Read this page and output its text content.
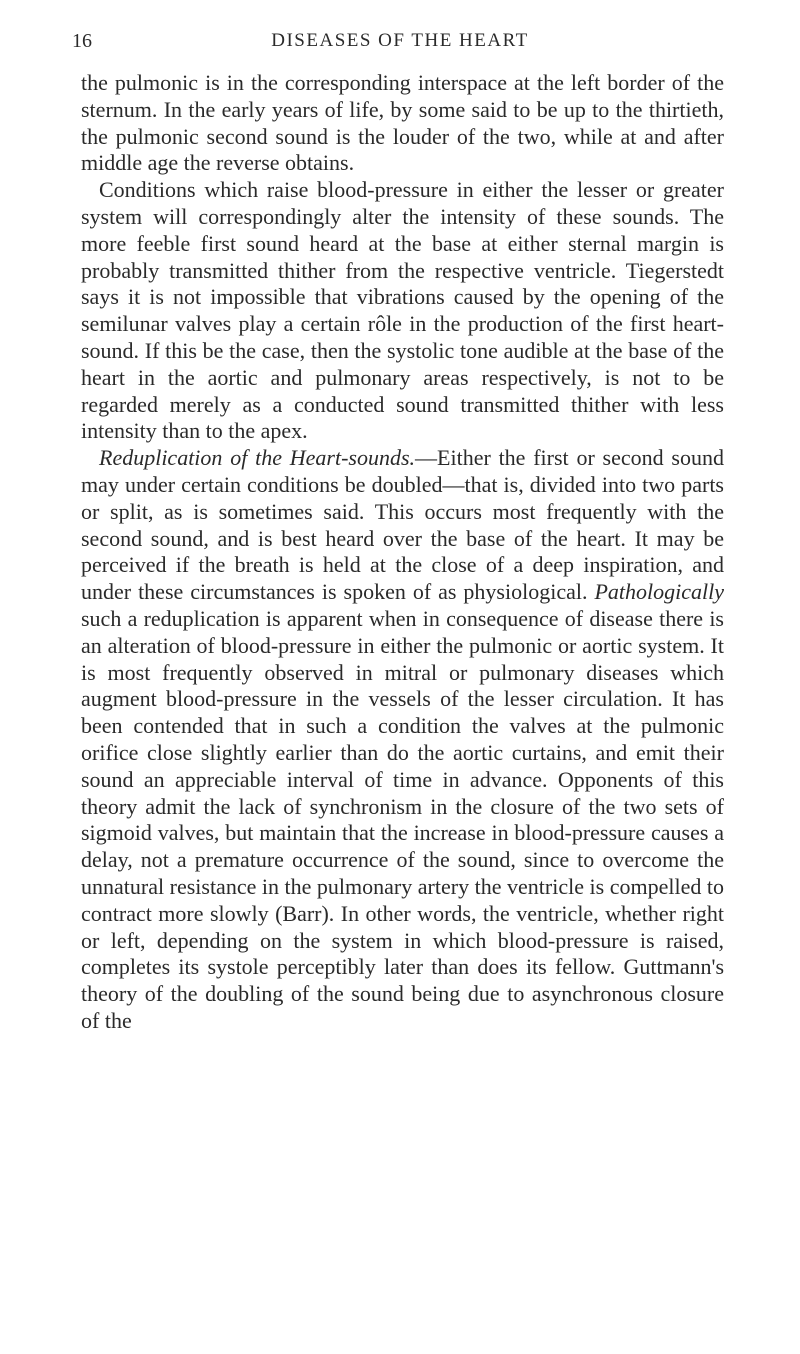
16	DISEASES OF THE HEART

the pulmonic is in the corresponding interspace at the left border of the sternum. In the early years of life, by some said to be up to the thirtieth, the pulmonic second sound is the louder of the two, while at and after middle age the reverse obtains.

Conditions which raise blood-pressure in either the lesser or greater system will correspondingly alter the intensity of these sounds. The more feeble first sound heard at the base at either sternal margin is probably transmitted thither from the respective ventricle. Tiegerstedt says it is not impossible that vibrations caused by the opening of the semilunar valves play a certain rôle in the production of the first heart-sound. If this be the case, then the systolic tone audible at the base of the heart in the aortic and pulmonary areas respectively, is not to be regarded merely as a conducted sound transmitted thither with less intensity than to the apex.

Reduplication of the Heart-sounds.—Either the first or second sound may under certain conditions be doubled—that is, divided into two parts or split, as is sometimes said. This occurs most frequently with the second sound, and is best heard over the base of the heart. It may be perceived if the breath is held at the close of a deep inspiration, and under these circumstances is spoken of as physiological. Pathologically such a reduplication is apparent when in consequence of disease there is an alteration of blood-pressure in either the pulmonic or aortic system. It is most frequently observed in mitral or pulmonary diseases which augment blood-pressure in the vessels of the lesser circulation. It has been contended that in such a condition the valves at the pulmonic orifice close slightly earlier than do the aortic curtains, and emit their sound an appreciable interval of time in advance. Opponents of this theory admit the lack of synchronism in the closure of the two sets of sigmoid valves, but maintain that the increase in blood-pressure causes a delay, not a premature occurrence of the sound, since to overcome the unnatural resistance in the pulmonary artery the ventricle is compelled to contract more slowly (Barr). In other words, the ventricle, whether right or left, depending on the system in which blood-pressure is raised, completes its systole perceptibly later than does its fellow. Guttmann's theory of the doubling of the sound being due to asynchronous closure of the
